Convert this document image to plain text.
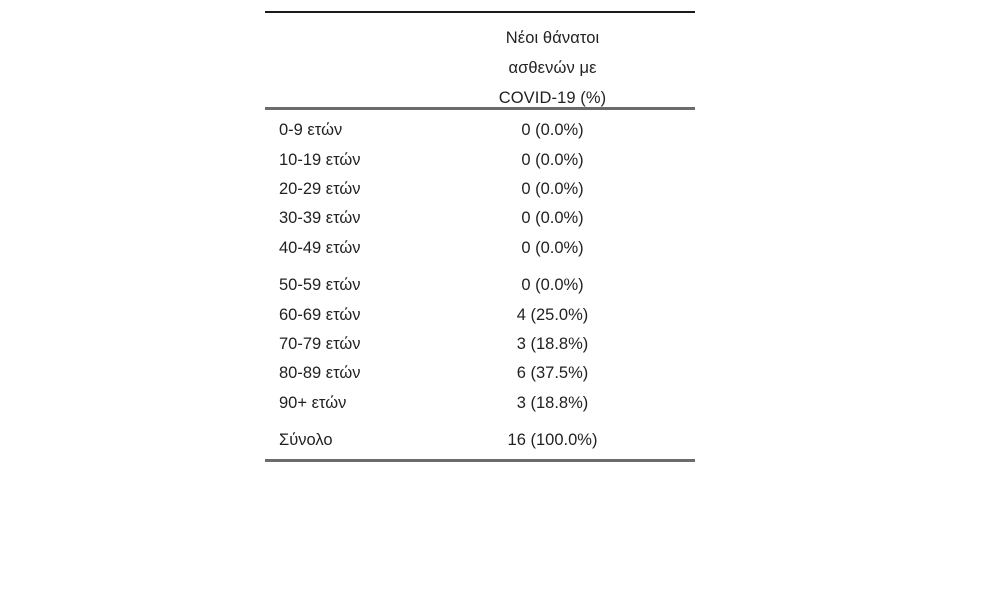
Νέοι θάνατοι
ασθενών με
COVID-19 (%)
0-9 ετών	0 (0.0%)
10-19 ετών	0 (0.0%)
20-29 ετών	0 (0.0%)
30-39 ετών	0 (0.0%)
40-49 ετών	0 (0.0%)
50-59 ετών	0 (0.0%)
60-69 ετών	4 (25.0%)
70-79 ετών	3 (18.8%)
80-89 ετών	6 (37.5%)
90+ ετών	3 (18.8%)
Σύνολο	16 (100.0%)
